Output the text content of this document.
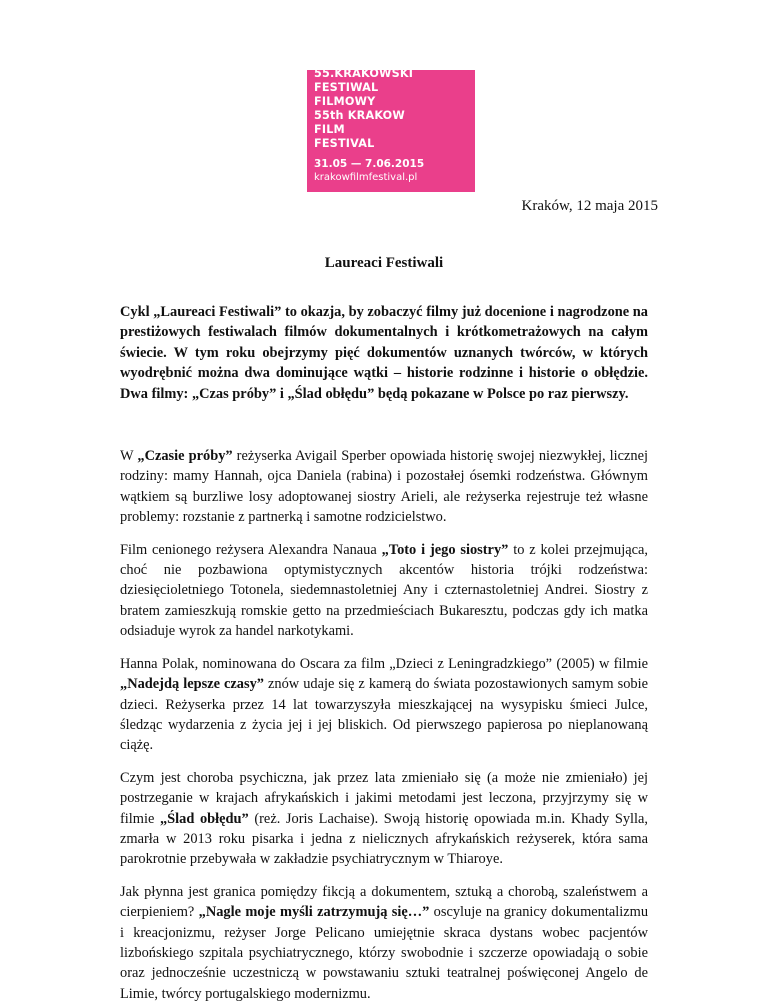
55.KRAKOWSKI
FESTIWAL
FILMOWY
55th KRAKOW
FILM
FESTIVAL
31.05 — 7.06.2015
krakowfilmfestival.pl
Kraków, 12 maja 2015
Laureaci Festiwali

Cykl „Laureaci Festiwali” to okazja, by zobaczyć filmy już docenione i nagrodzone na prestiżowych festiwalach filmów dokumentalnych i krótkometrażowych na całym świecie. W tym roku obejrzymy pięć dokumentów uznanych twórców, w których wyodrębnić można dwa dominujące wątki – historie rodzinne i historie o obłędzie. Dwa filmy: „Czas próby” i „Ślad obłędu” będą pokazane w Polsce po raz pierwszy.

W „Czasie próby” reżyserka Avigail Sperber opowiada historię swojej niezwykłej, licznej rodziny: mamy Hannah, ojca Daniela (rabina) i pozostałej ósemki rodzeństwa. Głównym wątkiem są burzliwe losy adoptowanej siostry Arieli, ale reżyserka rejestruje też własne problemy: rozstanie z partnerką i samotne rodzicielstwo.

Film cenionego reżysera Alexandra Nanaua „Toto i jego siostry” to z kolei przejmująca, choć nie pozbawiona optymistycznych akcentów historia trójki rodzeństwa: dziesięcioletniego Totonela, siedemnastoletniej Any i czternastoletniej Andrei. Siostry z bratem zamieszkują romskie getto na przedmieściach Bukaresztu, podczas gdy ich matka odsiaduje wyrok za handel narkotykami.

Hanna Polak, nominowana do Oscara za film „Dzieci z Leningradzkiego” (2005) w filmie „Nadejdą lepsze czasy” znów udaje się z kamerą do świata pozostawionych samym sobie dzieci. Reżyserka przez 14 lat towarzyszyła mieszkającej na wysypisku śmieci Julce, śledząc wydarzenia z życia jej i jej bliskich. Od pierwszego papierosa po nieplanowaną ciążę.

Czym jest choroba psychiczna, jak przez lata zmieniało się (a może nie zmieniało) jej postrzeganie w krajach afrykańskich i jakimi metodami jest leczona, przyjrzymy się w filmie „Ślad obłędu” (reż. Joris Lachaise). Swoją historię opowiada m.in. Khady Sylla, zmarła w 2013 roku pisarka i jedna z nielicznych afrykańskich reżyserek, która sama parokrotnie przebywała w zakładzie psychiatrycznym w Thiaroye.

Jak płynna jest granica pomiędzy fikcją a dokumentem, sztuką a chorobą, szaleństwem a cierpieniem? „Nagle moje myśli zatrzymują się…” oscyluje na granicy dokumentalizmu i kreacjonizmu, reżyser Jorge Pelicano umiejętnie skraca dystans wobec pacjentów lizbońskiego szpitala psychiatrycznego, którzy swobodnie i szczerze opowiadają o sobie oraz jednocześnie uczestniczą w powstawaniu sztuki teatralnej poświęconej Angelo de Limie, twórcy portugalskiego modernizmu.
